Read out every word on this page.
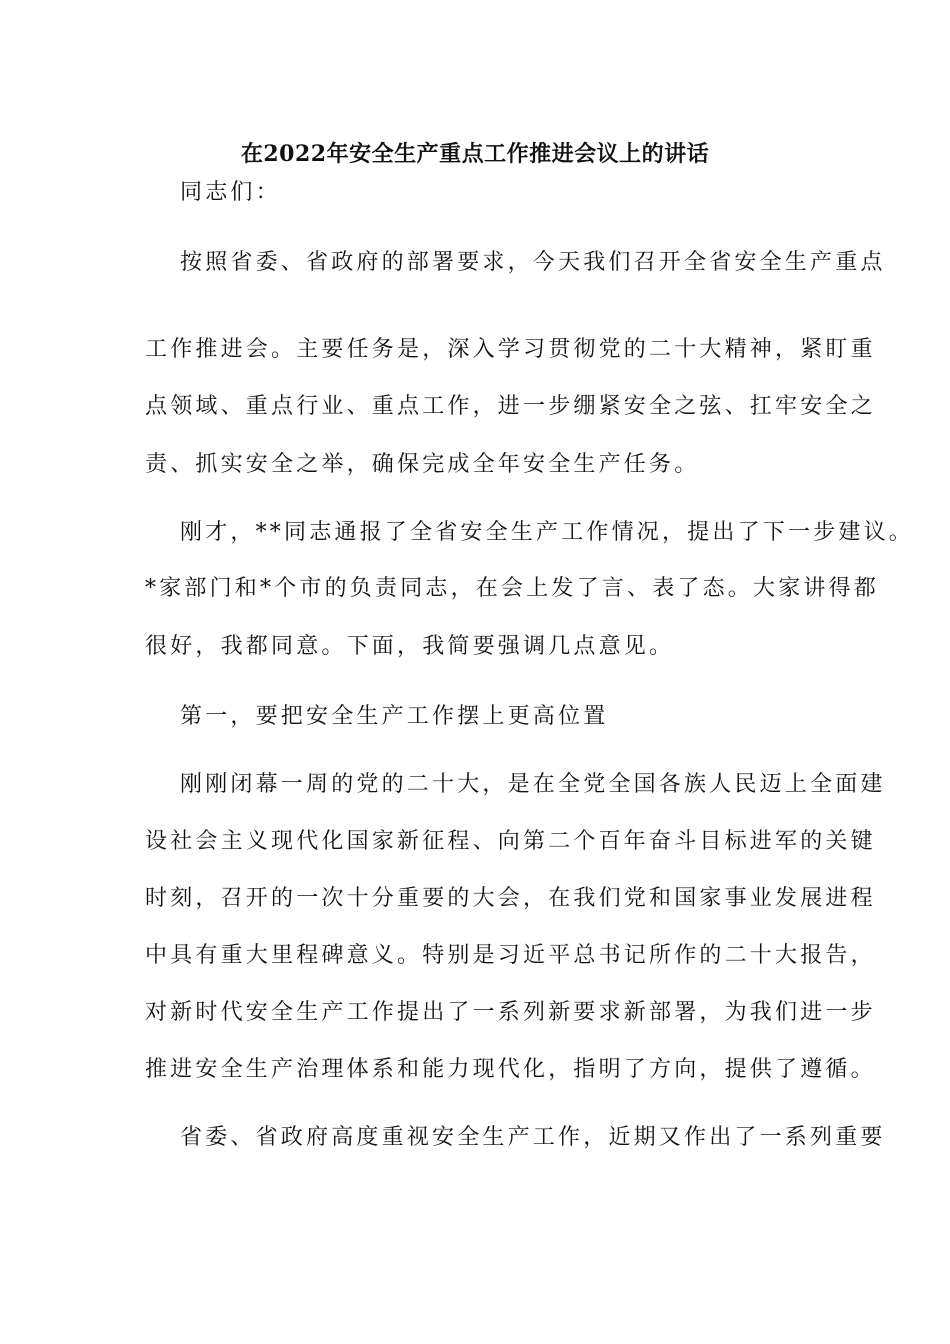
在2022年安全生产重点工作推进会议上的讲话
同志们：
按照省委、省政府的部署要求，今天我们召开全省安全生产重点
工作推进会。主要任务是，深入学习贯彻党的二十大精神，紧盯重
点领域、重点行业、重点工作，进一步绷紧安全之弦、扛牢安全之
责、抓实安全之举，确保完成全年安全生产任务。
刚才，**同志通报了全省安全生产工作情况，提出了下一步建议。
*家部门和*个市的负责同志，在会上发了言、表了态。大家讲得都
很好，我都同意。下面，我简要强调几点意见。
第一，要把安全生产工作摆上更高位置
刚刚闭幕一周的党的二十大，是在全党全国各族人民迈上全面建
设社会主义现代化国家新征程、向第二个百年奋斗目标进军的关键
时刻，召开的一次十分重要的大会，在我们党和国家事业发展进程
中具有重大里程碑意义。特别是习近平总书记所作的二十大报告，
对新时代安全生产工作提出了一系列新要求新部署，为我们进一步
推进安全生产治理体系和能力现代化，指明了方向，提供了遵循。
省委、省政府高度重视安全生产工作，近期又作出了一系列重要
